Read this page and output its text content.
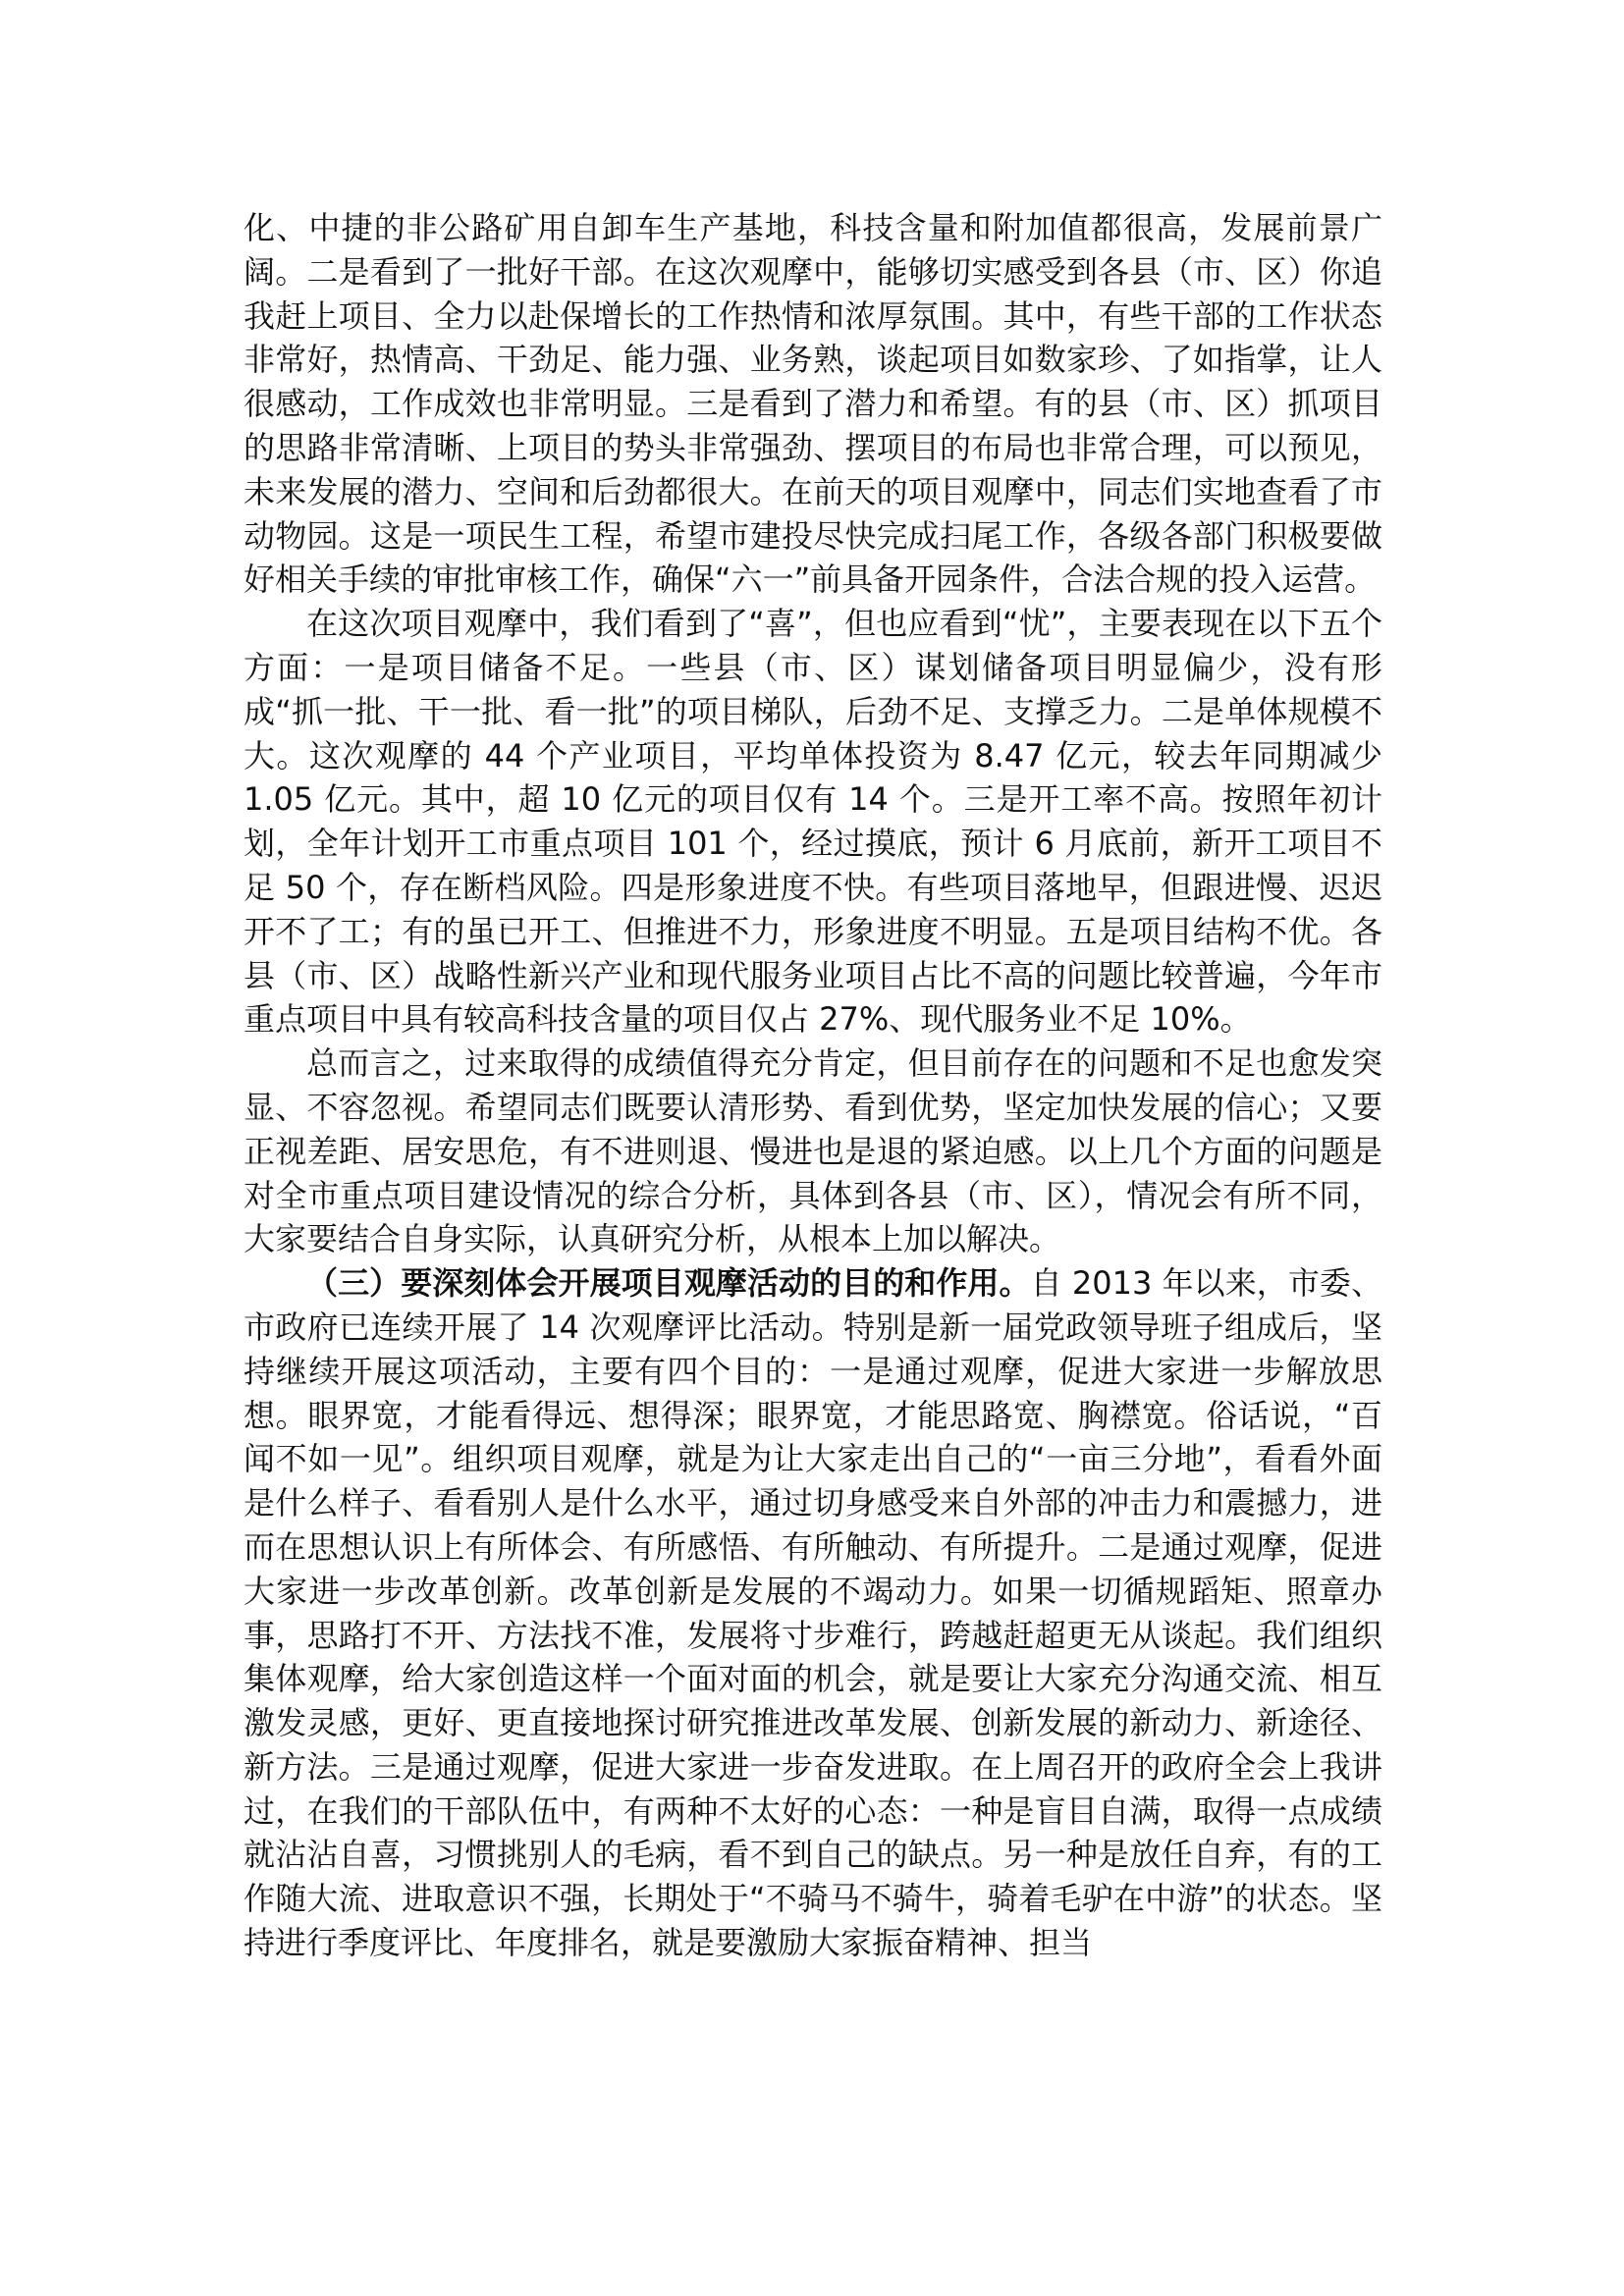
化、中捷的非公路矿用自卸车生产基地，科技含量和附加值都很高，发展前景广阔。二是看到了一批好干部。在这次观摩中，能够切实感受到各县（市、区）你追我赶上项目、全力以赴保增长的工作热情和浓厚氛围。其中，有些干部的工作状态非常好，热情高、干劲足、能力强、业务熟，谈起项目如数家珍、了如指掌，让人很感动，工作成效也非常明显。三是看到了潜力和希望。有的县（市、区）抓项目的思路非常清晰、上项目的势头非常强劲、摆项目的布局也非常合理，可以预见，未来发展的潜力、空间和后劲都很大。在前天的项目观摩中，同志们实地查看了市动物园。这是一项民生工程，希望市建投尽快完成扫尾工作，各级各部门积极要做好相关手续的审批审核工作，确保“六一”前具备开园条件，合法合规的投入运营。

在这次项目观摩中，我们看到了“喜”，但也应看到“忧”，主要表现在以下五个方面：一是项目储备不足。一些县（市、区）谋划储备项目明显偏少，没有形成“抓一批、干一批、看一批”的项目梯队，后劲不足、支撑乏力。二是单体规模不大。这次观摩的 44 个产业项目，平均单体投资为 8.47 亿元，较去年同期减少 1.05 亿元。其中，超 10 亿元的项目仅有 14 个。三是开工率不高。按照年初计划，全年计划开工市重点项目 101 个，经过摸底，预计 6 月底前，新开工项目不足 50 个，存在断档风险。四是形象进度不快。有些项目落地早，但跟进慢、迟迟开不了工；有的虽已开工、但推进不力，形象进度不明显。五是项目结构不优。各县（市、区）战略性新兴产业和现代服务业项目占比不高的问题比较普遍，今年市重点项目中具有较高科技含量的项目仅占 27%、现代服务业不足 10%。

总而言之，过来取得的成绩值得充分肯定，但目前存在的问题和不足也愈发突显、不容忽视。希望同志们既要认清形势、看到优势，坚定加快发展的信心；又要正视差距、居安思危，有不进则退、慢进也是退的紧迫感。以上几个方面的问题是对全市重点项目建设情况的综合分析，具体到各县（市、区），情况会有所不同，大家要结合自身实际，认真研究分析，从根本上加以解决。

（三）要深刻体会开展项目观摩活动的目的和作用。自 2013 年以来，市委、市政府已连续开展了 14 次观摩评比活动。特别是新一届党政领导班子组成后，坚持继续开展这项活动，主要有四个目的：一是通过观摩，促进大家进一步解放思想。眼界宽，才能看得远、想得深；眼界宽，才能思路宽、胸襟宽。俗话说，“百闻不如一见”。组织项目观摩，就是为让大家走出自己的“一亩三分地”，看看外面是什么样子、看看别人是什么水平，通过切身感受来自外部的冲击力和震撼力，进而在思想认识上有所体会、有所感悟、有所触动、有所提升。二是通过观摩，促进大家进一步改革创新。改革创新是发展的不竭动力。如果一切循规蹈矩、照章办事，思路打不开、方法找不准，发展将寸步难行，跨越赶超更无从谈起。我们组织集体观摩，给大家创造这样一个面对面的机会，就是要让大家充分沟通交流、相互激发灵感，更好、更直接地探讨研究推进改革发展、创新发展的新动力、新途径、新方法。三是通过观摩，促进大家进一步奋发进取。在上周召开的政府全会上我讲过，在我们的干部队伍中，有两种不太好的心态：一种是盲目自满，取得一点成绩就沾沾自喜，习惯挑别人的毛病，看不到自己的缺点。另一种是放任自弃，有的工作随大流、进取意识不强，长期处于“不骑马不骑牛，骑着毛驴在中游”的状态。坚持进行季度评比、年度排名，就是要激励大家振奋精神、担当
